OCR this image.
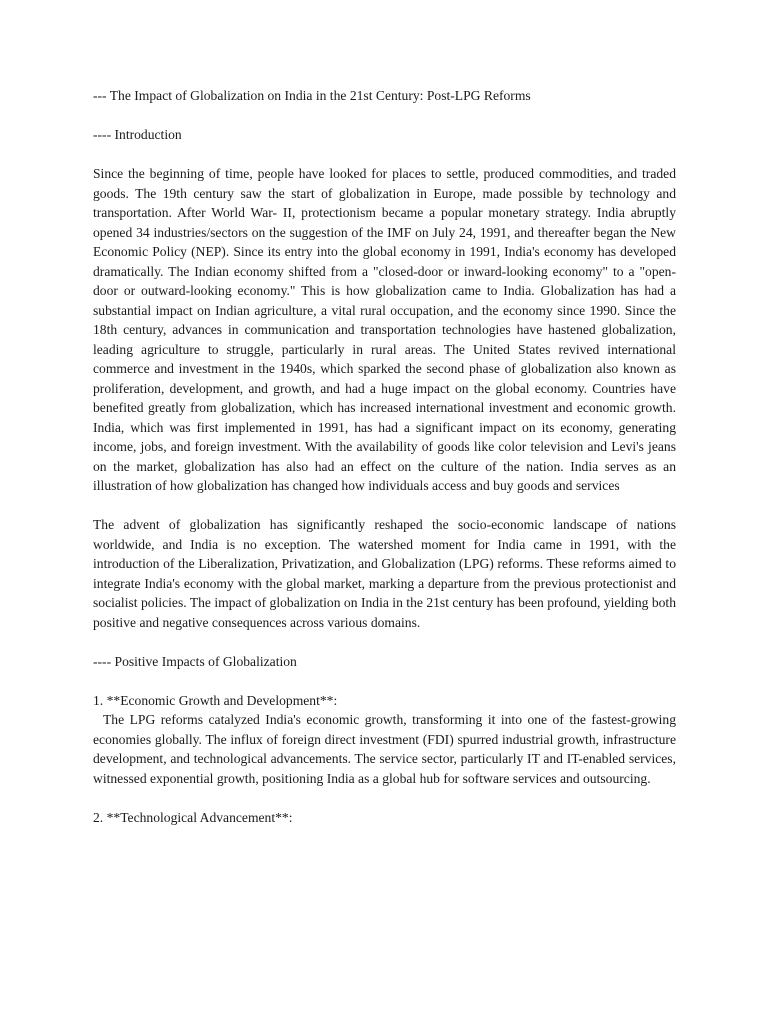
--- The Impact of Globalization on India in the 21st Century: Post-LPG Reforms

---- Introduction

Since the beginning of time, people have looked for places to settle, produced commodities, and traded goods. The 19th century saw the start of globalization in Europe, made possible by technology and transportation. After World War- II, protectionism became a popular monetary strategy. India abruptly opened 34 industries/sectors on the suggestion of the IMF on July 24, 1991, and thereafter began the New Economic Policy (NEP). Since its entry into the global economy in 1991, India's economy has developed dramatically. The Indian economy shifted from a "closed-door or inward-looking economy" to a "open-door or outward-looking economy." This is how globalization came to India. Globalization has had a substantial impact on Indian agriculture, a vital rural occupation, and the economy since 1990. Since the 18th century, advances in communication and transportation technologies have hastened globalization, leading agriculture to struggle, particularly in rural areas. The United States revived international commerce and investment in the 1940s, which sparked the second phase of globalization also known as proliferation, development, and growth, and had a huge impact on the global economy. Countries have benefited greatly from globalization, which has increased international investment and economic growth. India, which was first implemented in 1991, has had a significant impact on its economy, generating income, jobs, and foreign investment. With the availability of goods like color television and Levi's jeans on the market, globalization has also had an effect on the culture of the nation. India serves as an illustration of how globalization has changed how individuals access and buy goods and services

The advent of globalization has significantly reshaped the socio-economic landscape of nations worldwide, and India is no exception. The watershed moment for India came in 1991, with the introduction of the Liberalization, Privatization, and Globalization (LPG) reforms. These reforms aimed to integrate India's economy with the global market, marking a departure from the previous protectionist and socialist policies. The impact of globalization on India in the 21st century has been profound, yielding both positive and negative consequences across various domains.

---- Positive Impacts of Globalization

1. **Economic Growth and Development**:

The LPG reforms catalyzed India's economic growth, transforming it into one of the fastest-growing economies globally. The influx of foreign direct investment (FDI) spurred industrial growth, infrastructure development, and technological advancements. The service sector, particularly IT and IT-enabled services, witnessed exponential growth, positioning India as a global hub for software services and outsourcing.

2. **Technological Advancement**:
